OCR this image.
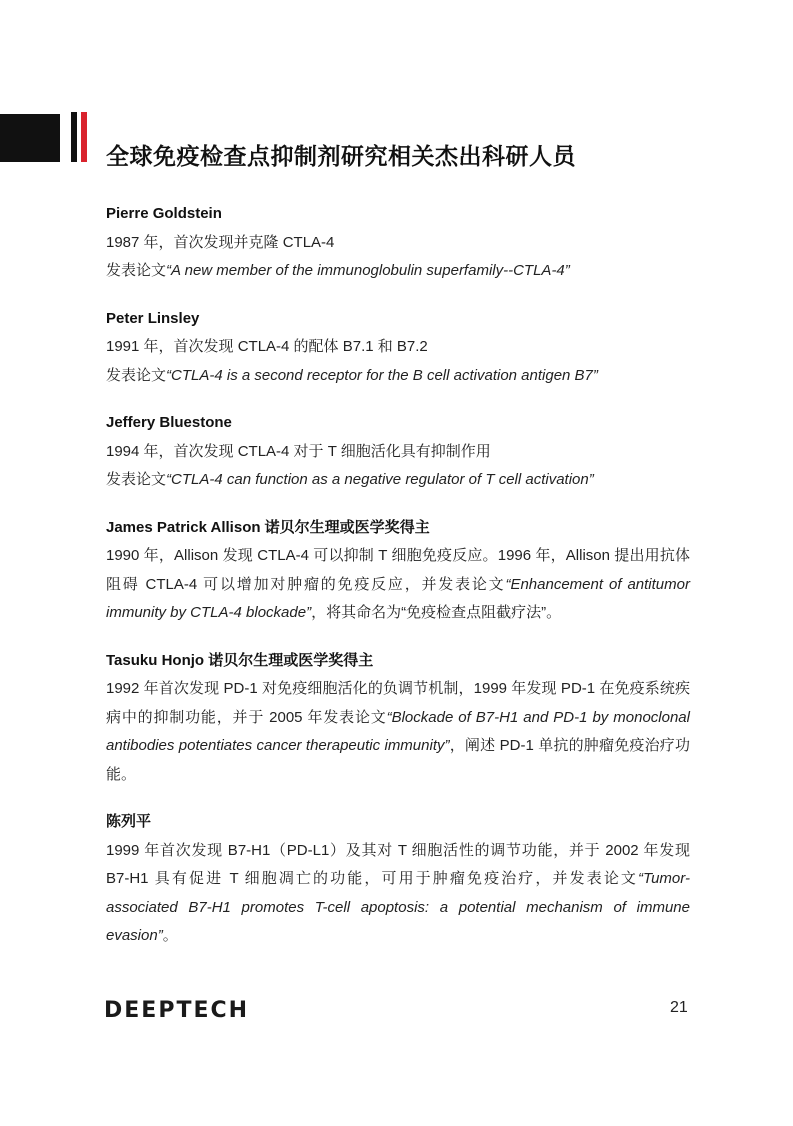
全球免疫检查点抑制剂研究相关杰出科研人员

Pierre Goldstein

1987 年，首次发现并克隆 CTLA-4

发表论文“A new member of the immunoglobulin superfamily--CTLA-4”

Peter Linsley

1991 年，首次发现 CTLA-4 的配体 B7.1 和 B7.2

发表论文“CTLA-4 is a second receptor for the B cell activation antigen B7”

Jeffery Bluestone

1994 年，首次发现 CTLA-4 对于 T 细胞活化具有抑制作用

发表论文“CTLA-4 can function as a negative regulator of T cell activation”

James Patrick Allison 诺贝尔生理或医学奖得主

1990 年，Allison 发现 CTLA-4 可以抑制 T 细胞免疫反应。1996 年，Allison 提出用抗体阻碍 CTLA-4 可以增加对肿瘤的免疫反应，并发表论文“Enhancement of antitumor immunity by CTLA-4 blockade”，将其命名为“免疫检查点阻截疗法”。

Tasuku Honjo 诺贝尔生理或医学奖得主

1992 年首次发现 PD-1 对免疫细胞活化的负调节机制，1999 年发现 PD-1 在免疫系统疾病中的抑制功能，并于 2005 年发表论文“Blockade of B7-H1 and PD-1 by monoclonal antibodies potentiates cancer therapeutic immunity”，阐述 PD-1 单抗的肿瘤免疫治疗功能。

陈列平

1999 年首次发现 B7-H1（PD-L1）及其对 T 细胞活性的调节功能，并于 2002 年发现 B7-H1 具有促进 T 细胞凋亡的功能，可用于肿瘤免疫治疗，并发表论文“Tumor-associated B7-H1 promotes T-cell apoptosis: a potential mechanism of immune evasion”。

DEEPTECH	21
